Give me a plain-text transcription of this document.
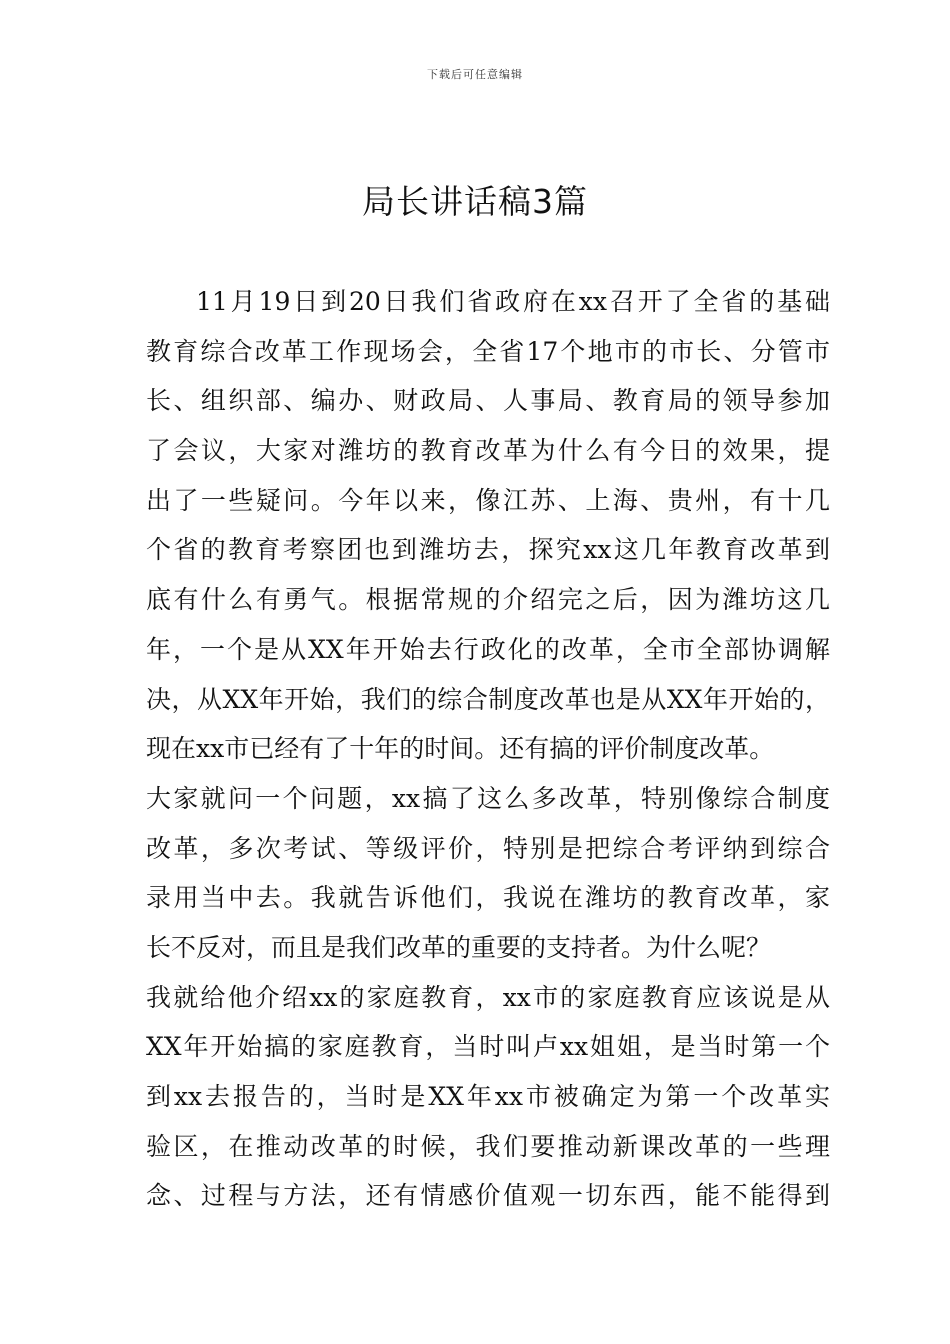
下载后可任意编辑
局长讲话稿3篇
11月19日到20日我们省政府在xx召开了全省的基础
教育综合改革工作现场会，全省17个地市的市长、分管市
长、组织部、编办、财政局、人事局、教育局的领导参加
了会议，大家对潍坊的教育改革为什么有今日的效果，提
出了一些疑问。今年以来，像江苏、上海、贵州，有十几
个省的教育考察团也到潍坊去，探究xx这几年教育改革到
底有什么有勇气。根据常规的介绍完之后，因为潍坊这几
年，一个是从XX年开始去行政化的改革，全市全部协调解
决，从XX年开始，我们的综合制度改革也是从XX年开始的，
现在xx市已经有了十年的时间。还有搞的评价制度改革。
大家就问一个问题，xx搞了这么多改革，特别像综合制度
改革，多次考试、等级评价，特别是把综合考评纳到综合
录用当中去。我就告诉他们，我说在潍坊的教育改革，家
长不反对，而且是我们改革的重要的支持者。为什么呢？
我就给他介绍xx的家庭教育，xx市的家庭教育应该说是从
XX年开始搞的家庭教育，当时叫卢xx姐姐，是当时第一个
到xx去报告的，当时是XX年xx市被确定为第一个改革实
验区，在推动改革的时候，我们要推动新课改革的一些理
念、过程与方法，还有情感价值观一切东西，能不能得到
